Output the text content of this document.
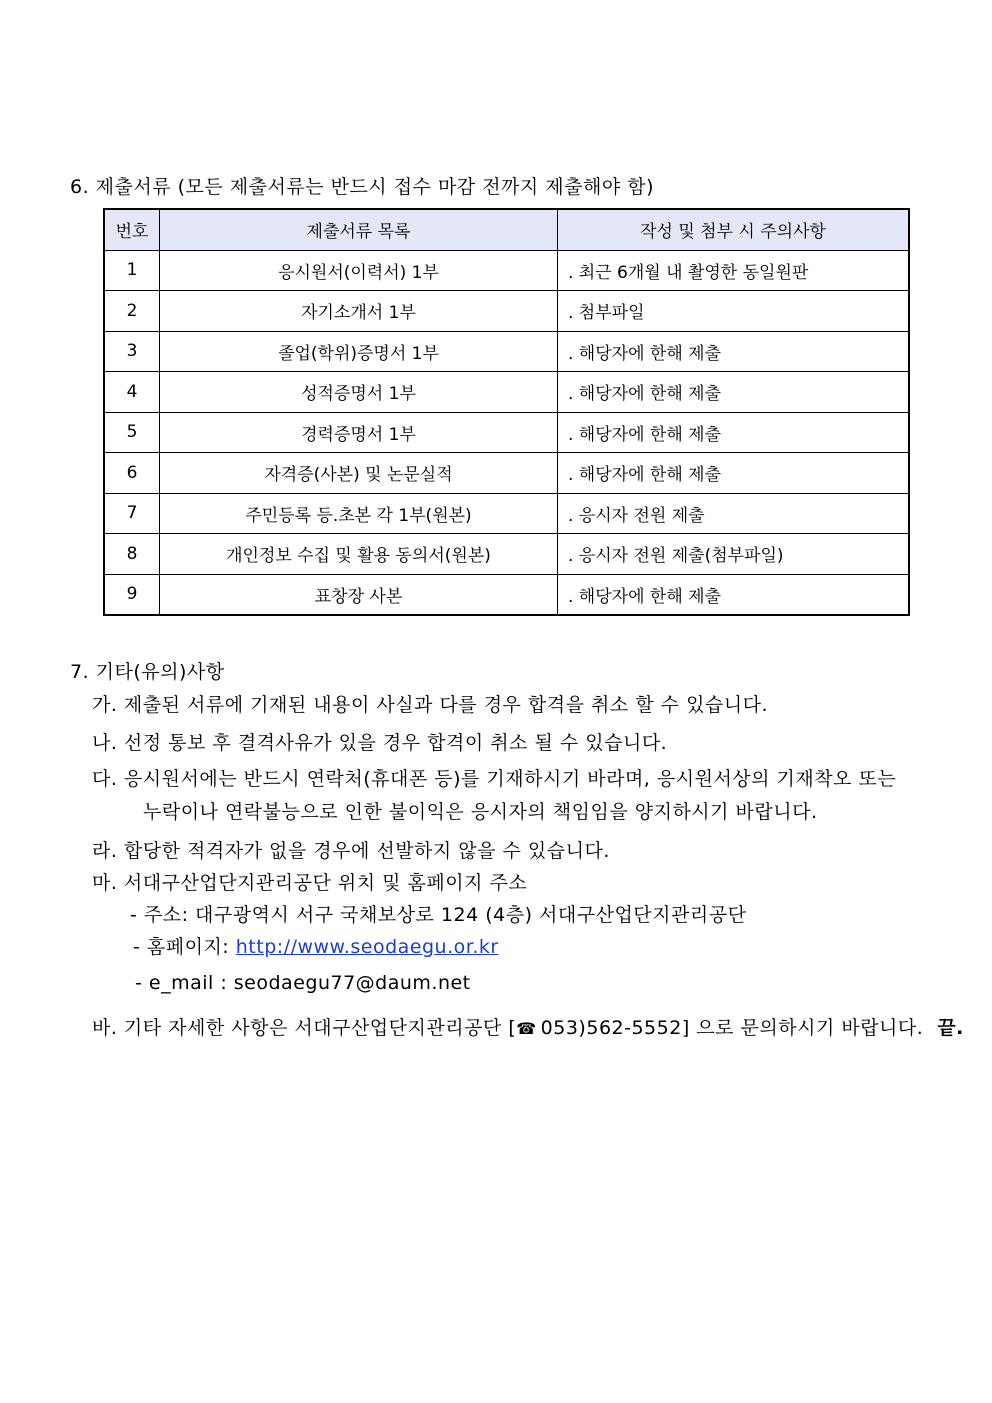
6. 제출서류 (모든 제출서류는 반드시 접수 마감 전까지 제출해야 함)
번호	제출서류 목록	작성 및 첨부 시 주의사항
1	응시원서(이력서) 1부	. 최근 6개월 내 촬영한 동일원판
2	자기소개서 1부	. 첨부파일
3	졸업(학위)증명서 1부	. 해당자에 한해 제출
4	성적증명서 1부	. 해당자에 한해 제출
5	경력증명서 1부	. 해당자에 한해 제출
6	자격증(사본) 및 논문실적	. 해당자에 한해 제출
7	주민등록 등.초본 각 1부(원본)	. 응시자 전원 제출
8	개인정보 수집 및 활용 동의서(원본)	. 응시자 전원 제출(첨부파일)
9	표창장 사본	. 해당자에 한해 제출
7. 기타(유의)사항
가. 제출된 서류에 기재된 내용이 사실과 다를 경우 합격을 취소 할 수 있습니다.
나. 선정 통보 후 결격사유가 있을 경우 합격이 취소 될 수 있습니다.
다. 응시원서에는 반드시 연락처(휴대폰 등)를 기재하시기 바라며, 응시원서상의 기재착오 또는
누락이나 연락불능으로 인한 불이익은 응시자의 책임임을 양지하시기 바랍니다.
라. 합당한 적격자가 없을 경우에 선발하지 않을 수 있습니다.
마. 서대구산업단지관리공단 위치 및 홈페이지 주소
- 주소: 대구광역시 서구 국채보상로 124 (4층) 서대구산업단지관리공단
- 홈페이지: http://www.seodaegu.or.kr
- e_mail : seodaegu77@daum.net
바. 기타 자세한 사항은 서대구산업단지관리공단 [☎ 053)562-5552] 으로 문의하시기 바랍니다. 끝.
